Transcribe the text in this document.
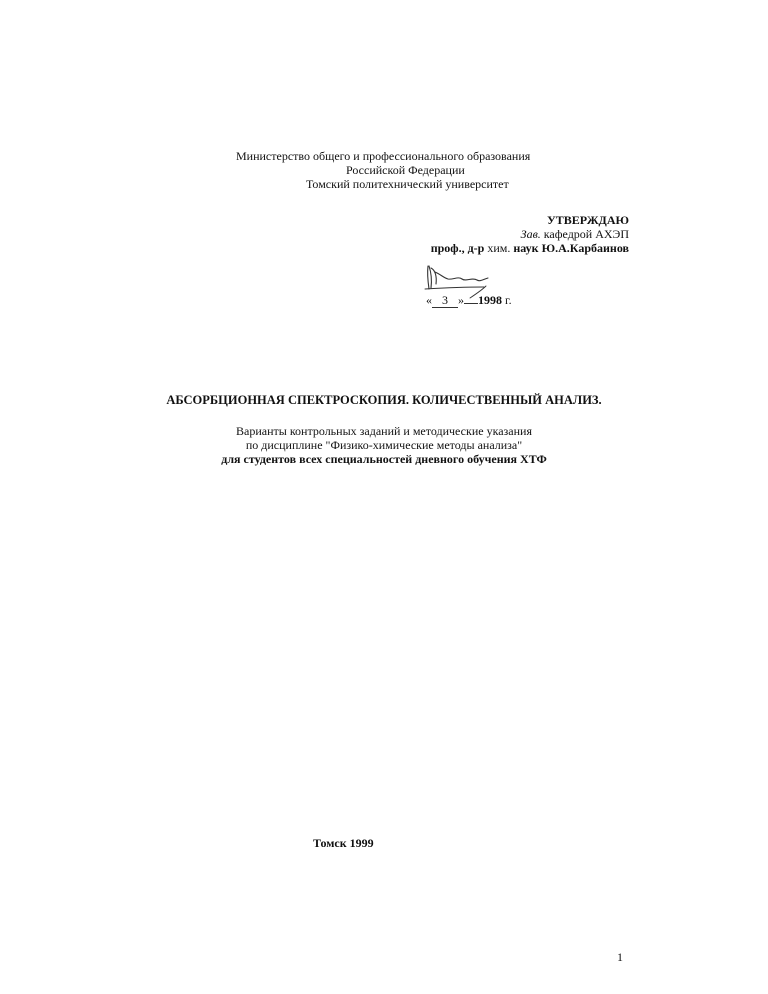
Министерство общего и профессионального образования
Российской Федерации
Томский политехнический университет
УТВЕРЖДАЮ
Зав. кафедрой АХЭП
проф., д-р хим. наук Ю.А.Карбаинов
« 3 » 1998 г.
АБСОРБЦИОННАЯ СПЕКТРОСКОПИЯ. КОЛИЧЕСТВЕННЫЙ АНАЛИЗ.
Варианты контрольных заданий и методические указания
по дисциплине "Физико-химические методы анализа"
для студентов всех специальностей дневного обучения ХТФ
Томск 1999
1
